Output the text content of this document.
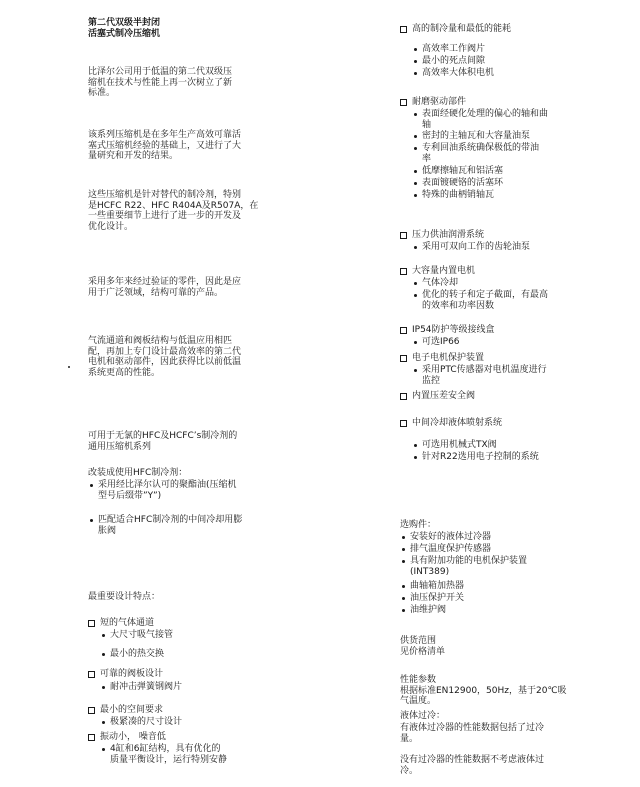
第二代双级半封闭
活塞式制冷压缩机
比泽尔公司用于低温的第二代双级压
缩机在技术与性能上再一次树立了新
标准。
该系列压缩机是在多年生产高效可靠活
塞式压缩机经验的基础上，又进行了大
量研究和开发的结果。
这些压缩机是针对替代的制冷剂，特别
是HCFC R22、HFC R404A及R507A，在
一些重要细节上进行了进一步的开发及
优化设计。
采用多年来经过验证的零件，因此是应
用于广泛领域，结构可靠的产品。
气流通道和阀板结构与低温应用相匹
配，再加上专门设计最高效率的第二代
电机和驱动部件，因此获得比以前低温
系统更高的性能。
可用于无氯的HFC及HCFC’s制冷剂的
通用压缩机系列
改装成使用HFC制冷剂：
采用经比泽尔认可的聚酯油(压缩机
型号后缀带”Y”)
匹配适合HFC制冷剂的中间冷却用膨
胀阀
最重要设计特点：
短的气体通道
大尺寸吸气接管
最小的热交换
可靠的阀板设计
耐冲击弹簧钢阀片
最小的空间要求
极紧凑的尺寸设计
振动小， 噪音低
4缸和6缸结构，具有优化的
质量平衡设计，运行特别安静
高的制冷量和最低的能耗
高效率工作阀片
最小的死点间隙
高效率大体积电机
耐磨驱动部件
表面经硬化处理的偏心的轴和曲
轴
密封的主轴瓦和大容量油泵
专利回油系统确保极低的带油
率
低摩擦轴瓦和铝活塞
表面镀硬铬的活塞环
特殊的曲柄销轴瓦
压力供油润滑系统
采用可双向工作的齿轮油泵
大容量内置电机
气体冷却
优化的转子和定子截面，有最高
的效率和功率因数
IP54防护等级接线盒
可选IP66
电子电机保护装置
采用PTC传感器对电机温度进行
监控
内置压差安全阀
中间冷却液体喷射系统
可选用机械式TX阀
针对R22选用电子控制的系统
选购件：
安装好的液体过冷器
排气温度保护传感器
具有附加功能的电机保护装置
(INT389)
曲轴箱加热器
油压保护开关
油维护阀
供货范围
见价格清单
性能参数
根据标准EN12900，50Hz，基于20℃吸
气温度。
液体过冷：
有液体过冷器的性能数据包括了过冷
量。
没有过冷器的性能数据不考虑液体过
冷。
